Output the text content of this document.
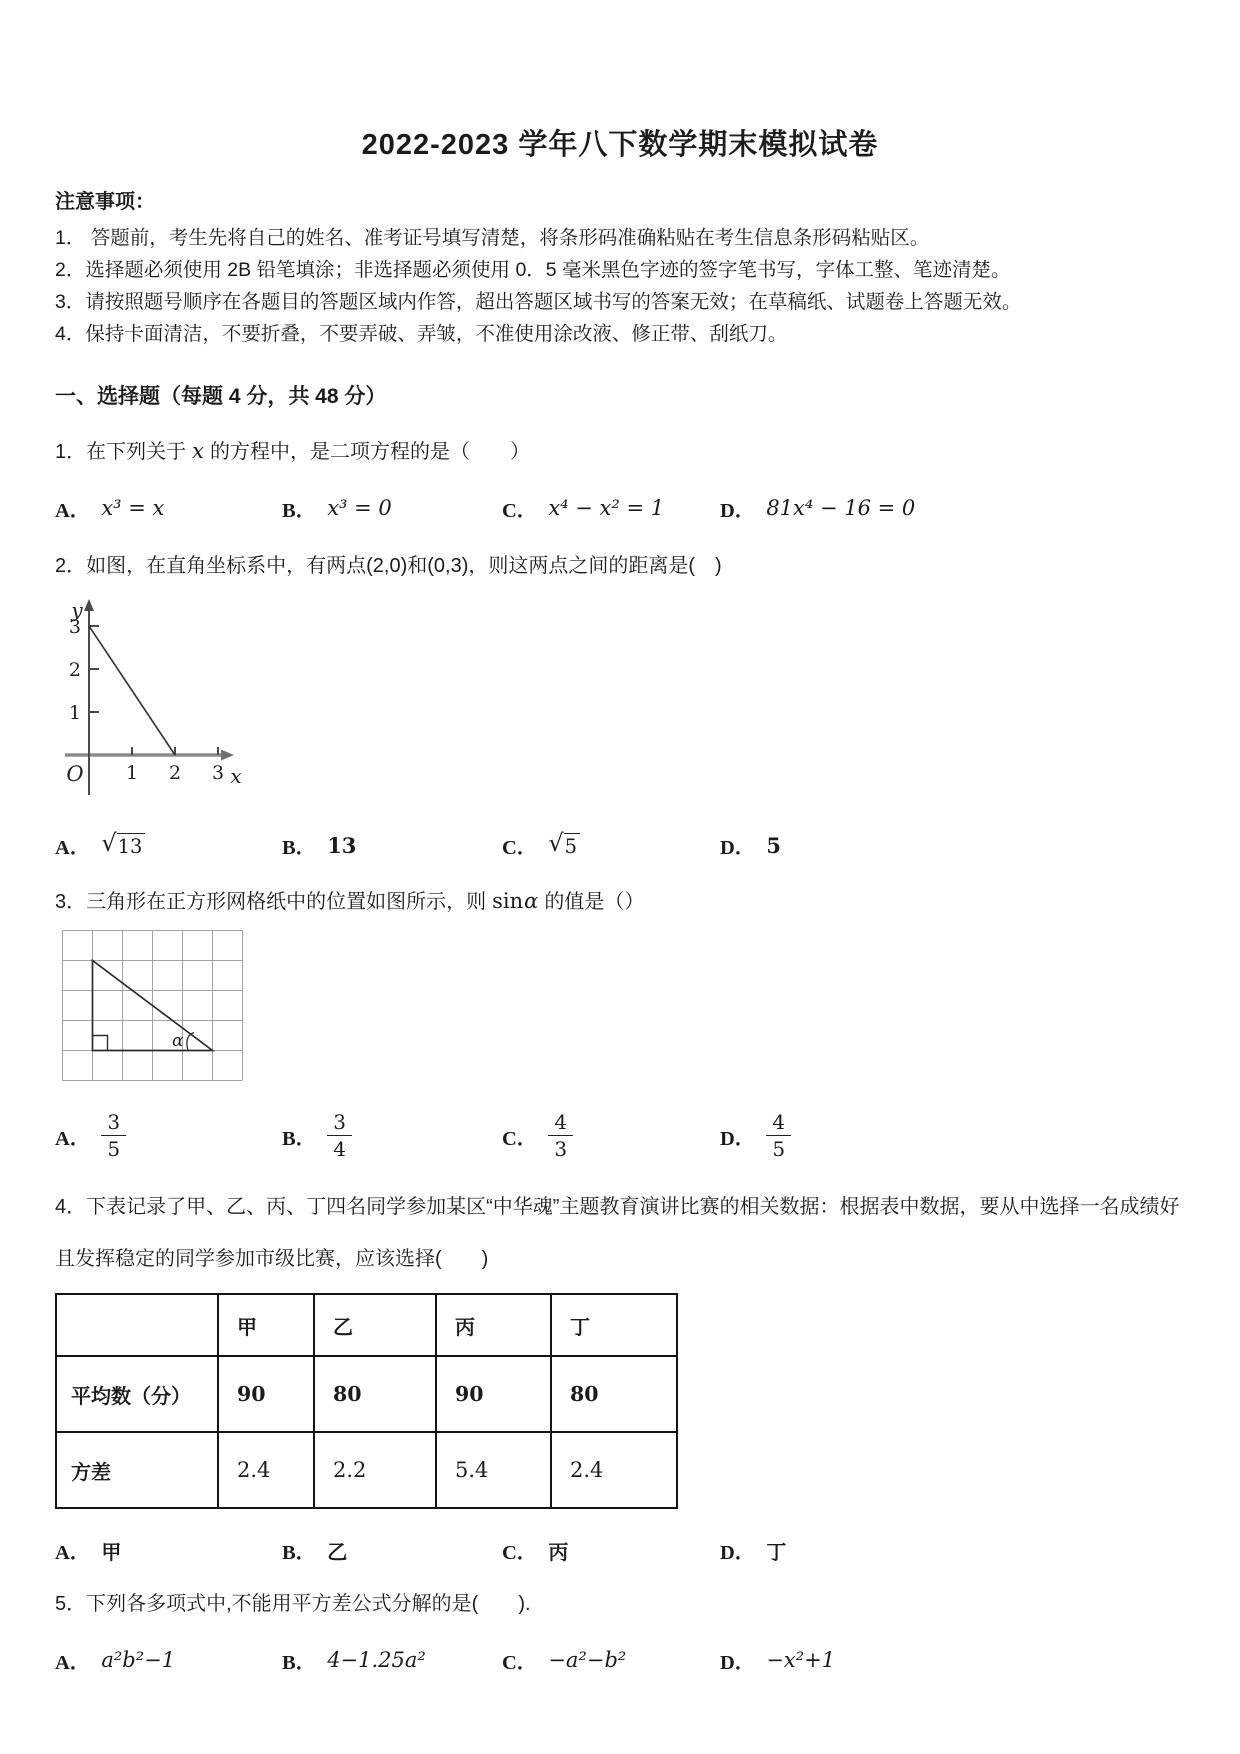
2022-2023 学年八下数学期末模拟试卷
注意事项：

1． 答题前，考生先将自己的姓名、准考证号填写清楚，将条形码准确粘贴在考生信息条形码粘贴区。

2．选择题必须使用 2B 铅笔填涂；非选择题必须使用 0．5 毫米黑色字迹的签字笔书写，字体工整、笔迹清楚。

3．请按照题号顺序在各题目的答题区域内作答，超出答题区域书写的答案无效；在草稿纸、试题卷上答题无效。

4．保持卡面清洁，不要折叠，不要弄破、弄皱，不准使用涂改液、修正带、刮纸刀。

一、选择题（每题 4 分，共 48 分）
1．在下列关于 x 的方程中，是二项方程的是（　　）
A． x³ = x	B． x³ = 0	C． x⁴ − x² = 1	D． 81x⁴ − 16 = 0
2．如图，在直角坐标系中，有两点(2,0)和(0,3)，则这两点之间的距离是(　)
3
2
1
1 2 3
y
x
O
A． √ 13	B． 13	C． √ 5	D． 5
3．三角形在正方形网格纸中的位置如图所示，则 sinα 的值是（）
α
A． $\frac{3}{5}$	B． $\frac{3}{4}$	C． $\frac{4}{3}$	D． $\frac{4}{5}$
4．下表记录了甲、乙、丙、丁四名同学参加某区“中华魂”主题教育演讲比赛的相关数据：根据表中数据，要从中选择一名成绩好且发挥稳定的同学参加市级比赛，应该选择(　　)
	甲	乙	丙	丁
平均数（分）	90	80	90	80
方差	2.4	2.2	5.4	2.4
A． 甲	B． 乙	C． 丙	D． 丁
5．下列各多项式中,不能用平方差公式分解的是(　　).
A． a²b²−1	B． 4−1.25a²	C． −a²−b²	D． −x²+1
